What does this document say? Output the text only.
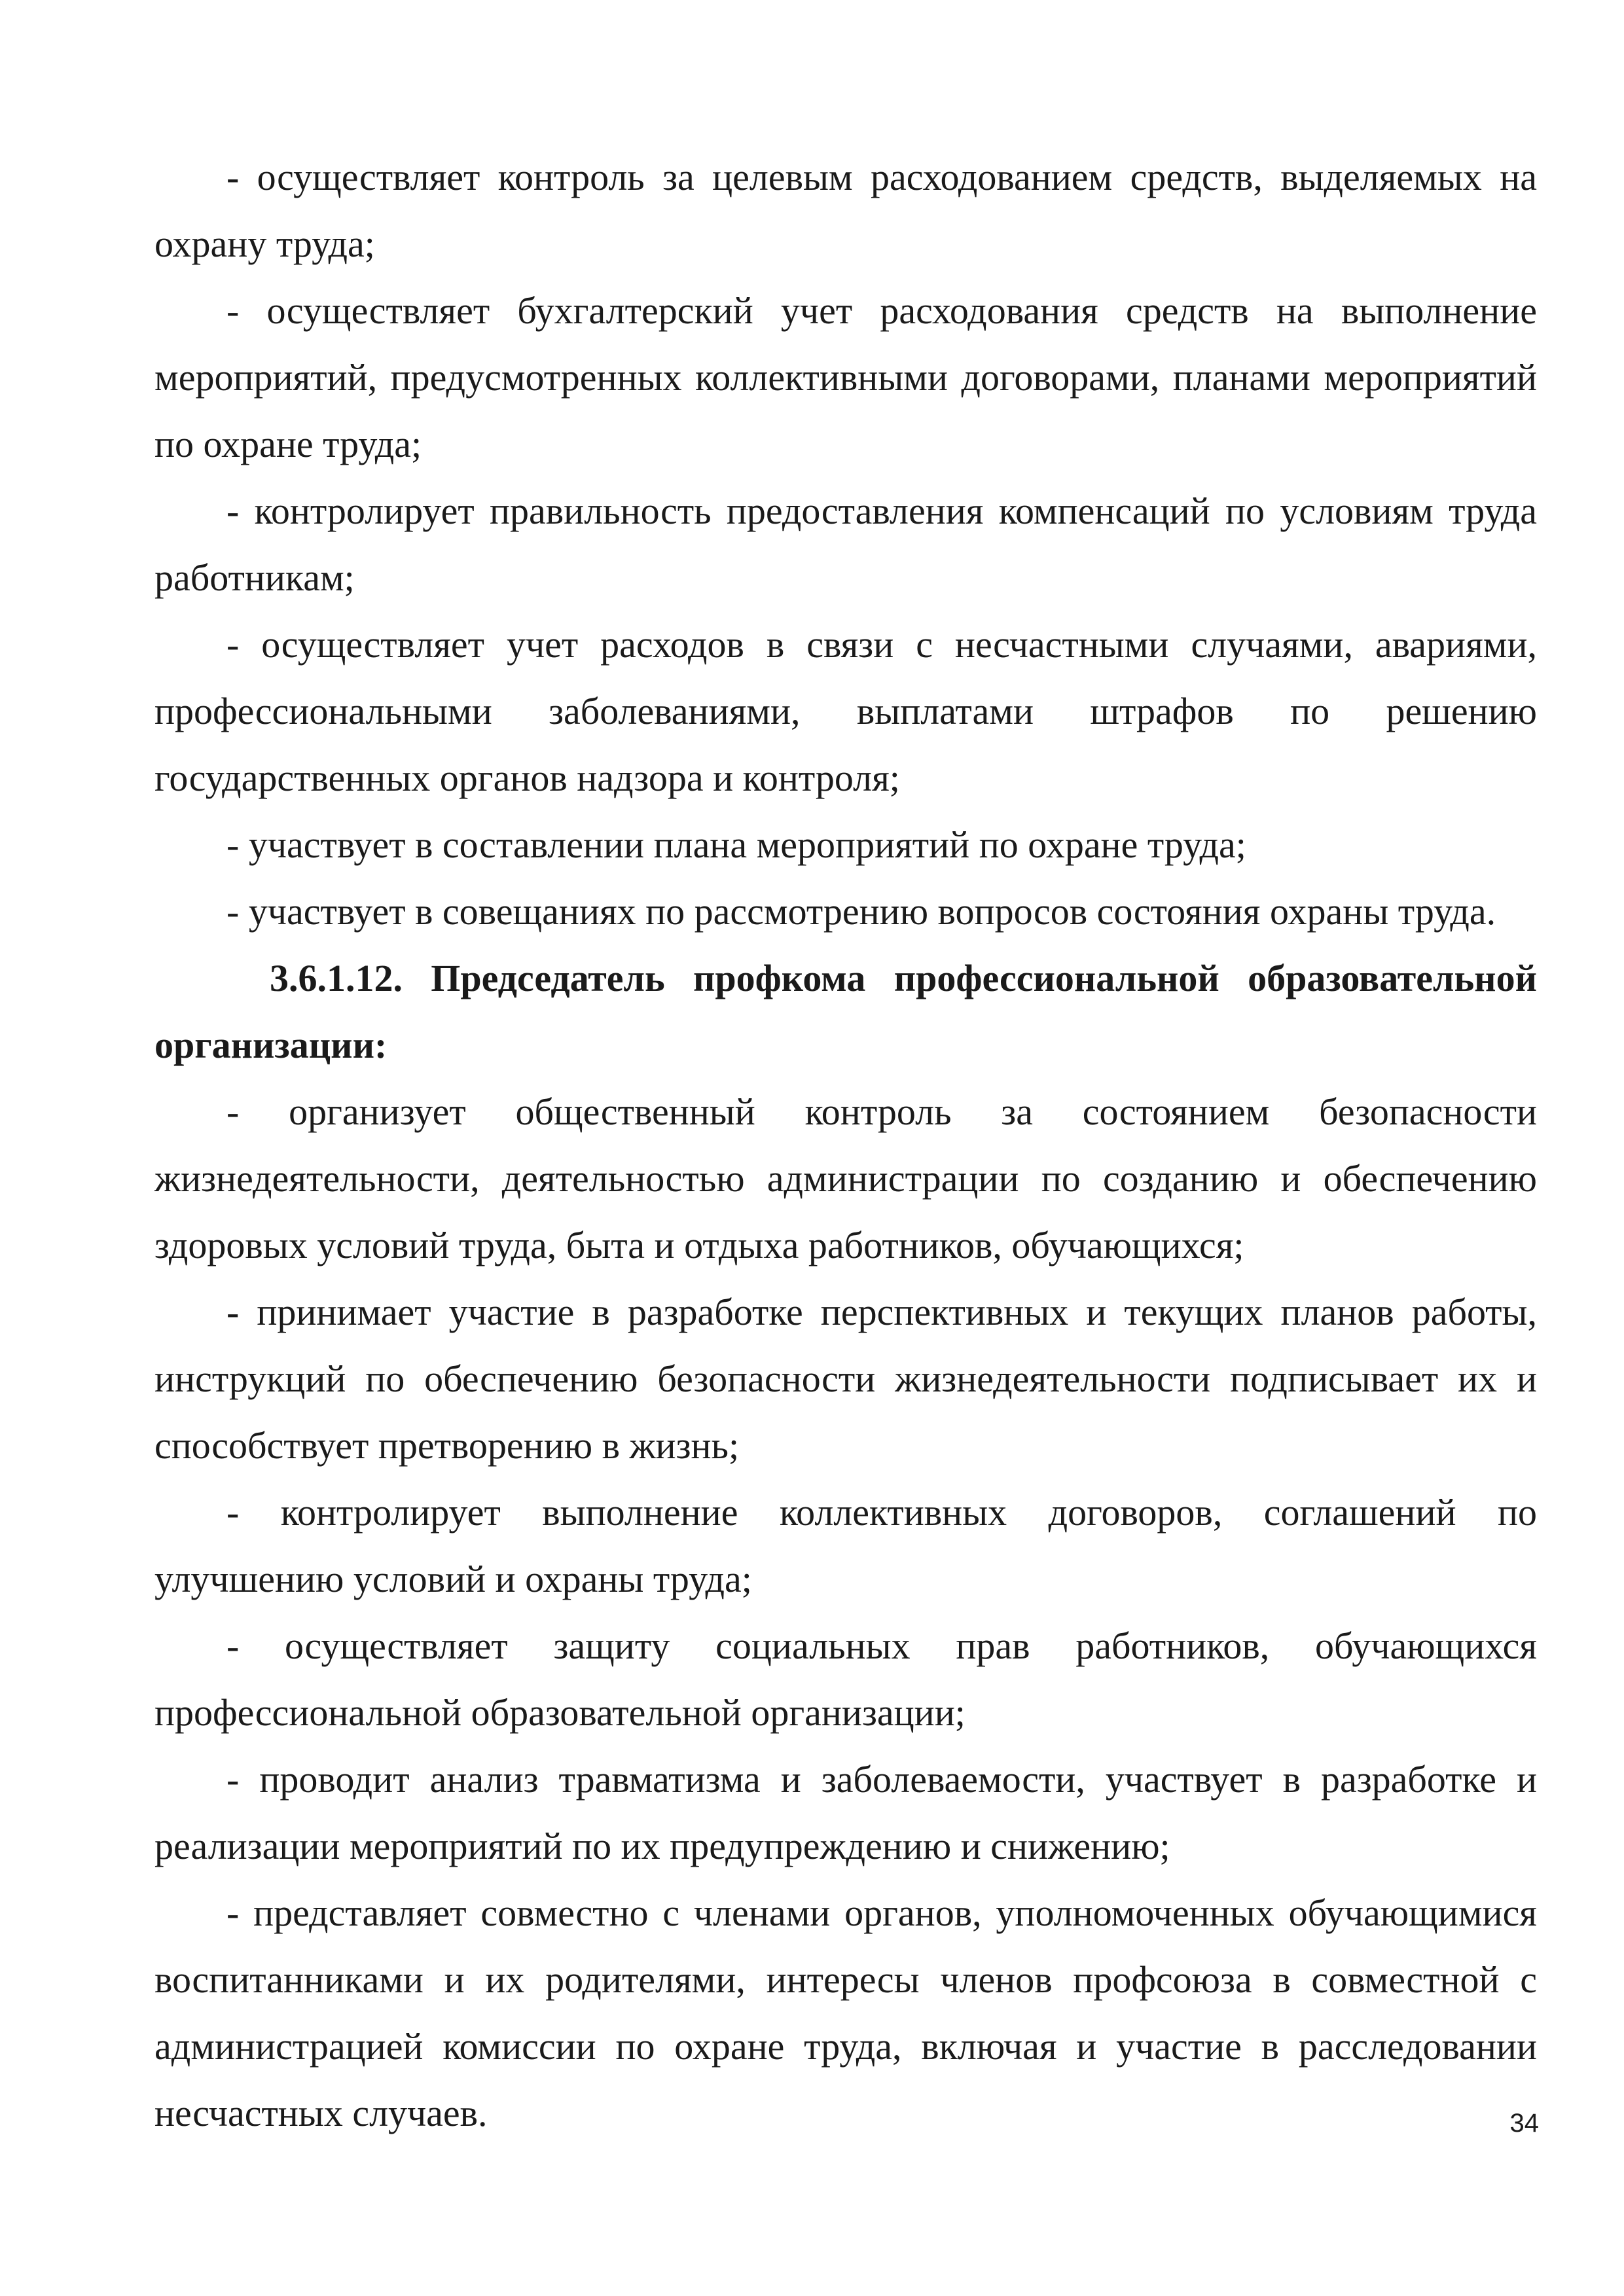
- осуществляет контроль за целевым расходованием средств, выделяемых на охрану труда;

- осуществляет бухгалтерский учет расходования средств на выполнение мероприятий, предусмотренных коллективными договорами, планами мероприятий по охране труда;

- контролирует правильность предоставления компенсаций по условиям труда работникам;

- осуществляет учет расходов в связи с несчастными случаями, авариями, профессиональными заболеваниями, выплатами штрафов по решению государственных органов надзора и контроля;

- участвует в составлении плана мероприятий по охране труда;

- участвует в совещаниях по рассмотрению вопросов состояния охраны труда.

3.6.1.12. Председатель профкома профессиональной образовательной организации:

- организует общественный контроль за состоянием безопасности жизнедеятельности, деятельностью администрации по созданию и обеспечению здоровых условий труда, быта и отдыха работников, обучающихся;

- принимает участие в разработке перспективных и текущих планов работы, инструкций по обеспечению безопасности жизнедеятельности подписывает их и способствует претворению в жизнь;

- контролирует выполнение коллективных договоров, соглашений по улучшению условий и охраны труда;

- осуществляет защиту социальных прав работников, обучающихся профессиональной образовательной организации;

- проводит анализ травматизма и заболеваемости, участвует в разработке и реализации мероприятий по их предупреждению и снижению;

- представляет совместно с членами органов, уполномоченных обучающимися воспитанниками и их родителями, интересы членов профсоюза в совместной с администрацией комиссии по охране труда, включая и участие в расследовании несчастных случаев.	34
